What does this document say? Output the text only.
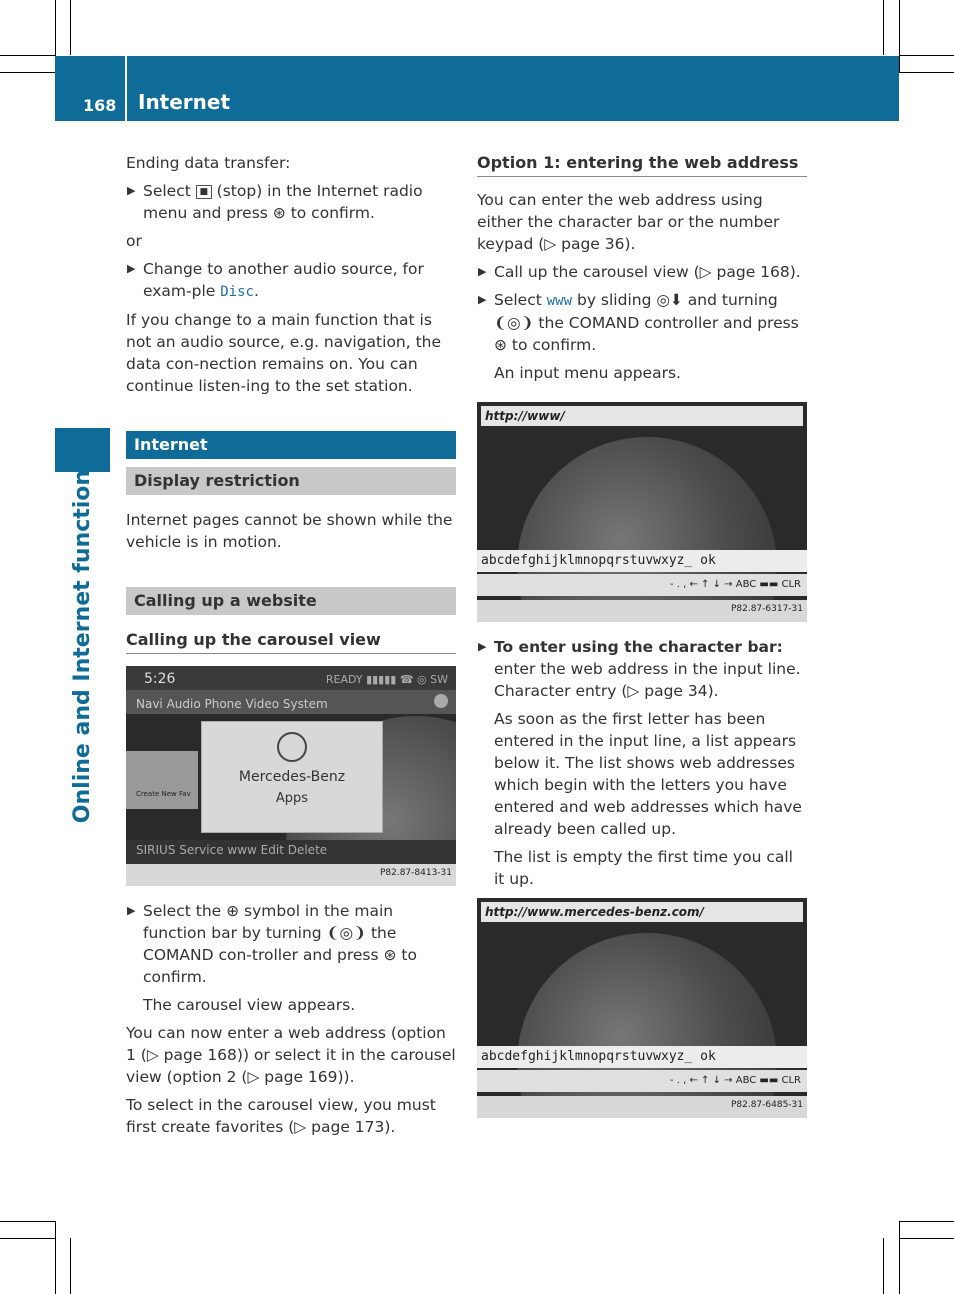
168 Internet
Online and Internet functions

Ending data transfer:

▶ Select ■ (stop) in the Internet radio menu and press ⊛ to confirm.

or

▶ Change to another audio source, for exam-ple Disc.

If you change to a main function that is not an audio source, e.g. navigation, the data con-nection remains on. You can continue listen-ing to the set station.

Internet
Display restriction

Internet pages cannot be shown while the vehicle is in motion.

Calling up a website
Calling up the carousel view
5:26	READY ▮▮▮▮▮ ☎ ◎ SW
Navi Audio Phone Video System
Create New Fav
Mercedes-Benz
Apps
SIRIUS Service www Edit Delete
P82.87-8413-31
▶ Select the ⊕ symbol in the main function bar by turning ❨◎❩ the COMAND con-troller and press ⊛ to confirm.

The carousel view appears.

You can now enter a web address (option 1 (▷ page 168)) or select it in the carousel view (option 2 (▷ page 169)).

To select in the carousel view, you must first create favorites (▷ page 173).

Option 1: entering the web address

You can enter the web address using either the character bar or the number keypad (▷ page 36).

▶ Call up the carousel view (▷ page 168).
▶ Select www by sliding ◎⬇ and turning ❨◎❩ the COMAND controller and press ⊛ to confirm.

An input menu appears.

http://www/
abcdefghijklmnopqrstuvwxyz_ ok
- . , ← ↑ ↓ → ABC ▬▬ CLR
P82.87-6317-31
▶ To enter using the character bar: enter the web address in the input line. Character entry (▷ page 34).

As soon as the first letter has been entered in the input line, a list appears below it. The list shows web addresses which begin with the letters you have entered and web addresses which have already been called up.

The list is empty the first time you call it up.

http://www.mercedes-benz.com/
abcdefghijklmnopqrstuvwxyz_ ok
- . , ← ↑ ↓ → ABC ▬▬ CLR
P82.87-6485-31
